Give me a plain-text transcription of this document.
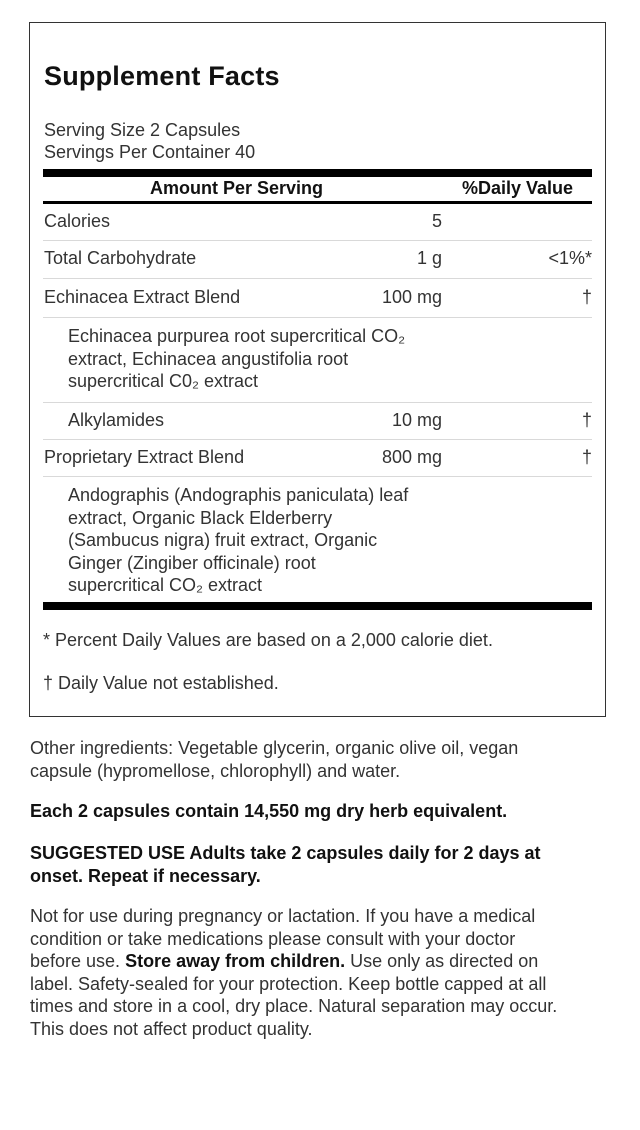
Supplement Facts
Serving Size 2 Capsules
Servings Per Container 40
Amount Per Serving	%Daily Value
Calories	5
Total Carbohydrate	1 g	<1%*
Echinacea Extract Blend	100 mg	†
Echinacea purpurea root supercritical CO₂
extract, Echinacea angustifolia root
supercritical C0₂ extract
Alkylamides	10 mg	†
Proprietary Extract Blend	800 mg	†
Andographis (Andographis paniculata) leaf
extract, Organic Black Elderberry
(Sambucus nigra) fruit extract, Organic
Ginger (Zingiber officinale) root
supercritical CO₂ extract
* Percent Daily Values are based on a 2,000 calorie diet.
† Daily Value not established.
Other ingredients: Vegetable glycerin, organic olive oil, vegan
capsule (hypromellose, chlorophyll) and water.
Each 2 capsules contain 14,550 mg dry herb equivalent.
SUGGESTED USE Adults take 2 capsules daily for 2 days at
onset. Repeat if necessary.
Not for use during pregnancy or lactation. If you have a medical
condition or take medications please consult with your doctor
before use. Store away from children. Use only as directed on
label. Safety-sealed for your protection. Keep bottle capped at all
times and store in a cool, dry place. Natural separation may occur.
This does not affect product quality.
